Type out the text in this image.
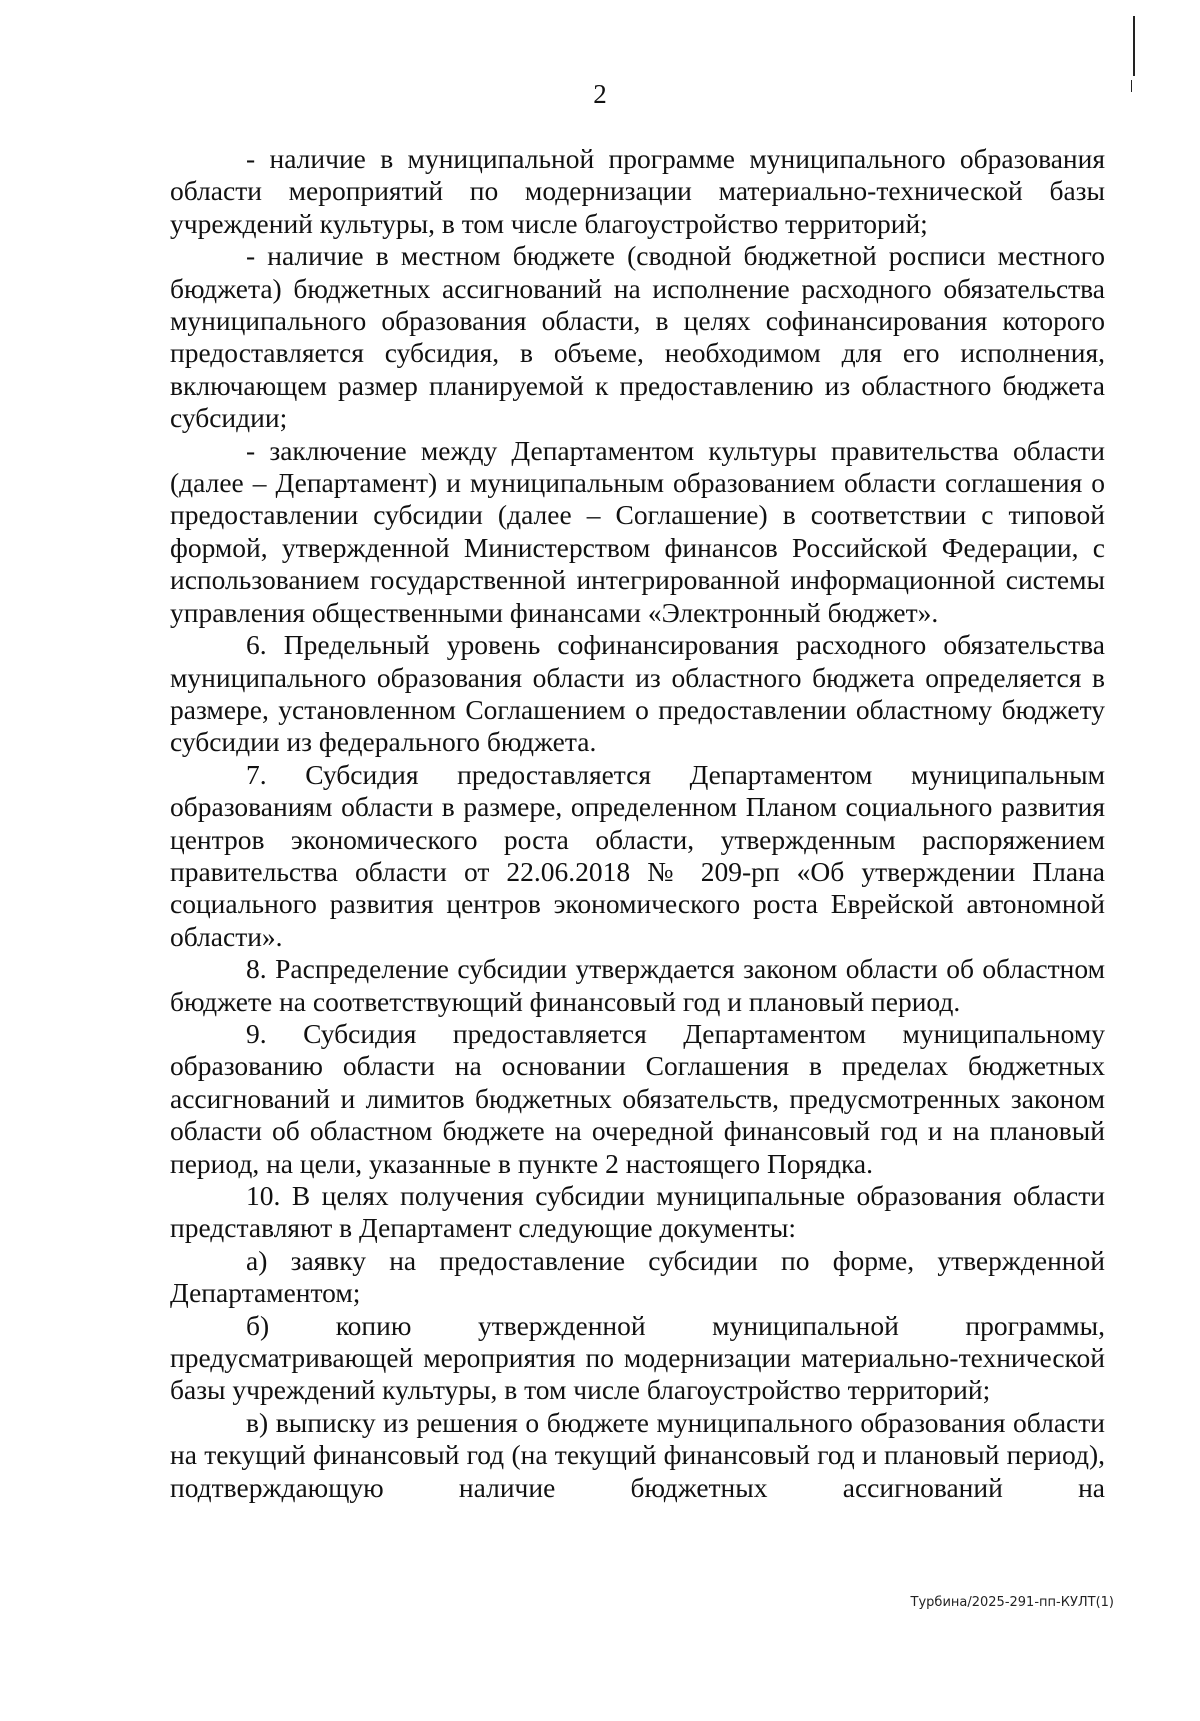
2

- наличие в муниципальной программе муниципального образования области мероприятий по модернизации материально-технической базы учреждений культуры, в том числе благоустройство территорий;

- наличие в местном бюджете (сводной бюджетной росписи местного бюджета) бюджетных ассигнований на исполнение расходного обязательства муниципального образования области, в целях софинансирования которого предоставляется субсидия, в объеме, необходимом для его исполнения, включающем размер планируемой к предоставлению из областного бюджета субсидии;

- заключение между Департаментом культуры правительства области (далее – Департамент) и муниципальным образованием области соглашения о предоставлении субсидии (далее – Соглашение) в соответствии с типовой формой, утвержденной Министерством финансов Российской Федерации, с использованием государственной интегрированной информационной системы управления общественными финансами «Электронный бюджет».

6. Предельный уровень софинансирования расходного обязательства муниципального образования области из областного бюджета определяется в размере, установленном Соглашением о предоставлении областному бюджету субсидии из федерального бюджета.

7. Субсидия предоставляется Департаментом муниципальным образованиям области в размере, определенном Планом социального развития центров экономического роста области, утвержденным распоряжением правительства области от 22.06.2018 № 209-рп «Об утверждении Плана социального развития центров экономического роста Еврейской автономной области».

8. Распределение субсидии утверждается законом области об областном бюджете на соответствующий финансовый год и плановый период.

9. Субсидия предоставляется Департаментом муниципальному образованию области на основании Соглашения в пределах бюджетных ассигнований и лимитов бюджетных обязательств, предусмотренных законом области об областном бюджете на очередной финансовый год и на плановый период, на цели, указанные в пункте 2 настоящего Порядка.

10. В целях получения субсидии муниципальные образования области представляют в Департамент следующие документы:

а) заявку на предоставление субсидии по форме, утвержденной Департаментом;

б) копию утвержденной муниципальной программы, предусматривающей мероприятия по модернизации материально-технической базы учреждений культуры, в том числе благоустройство территорий;

в) выписку из решения о бюджете муниципального образования области на текущий финансовый год (на текущий финансовый год и плановый период), подтверждающую наличие бюджетных ассигнований на

Турбина/2025-291-пп-КУЛТ(1)
